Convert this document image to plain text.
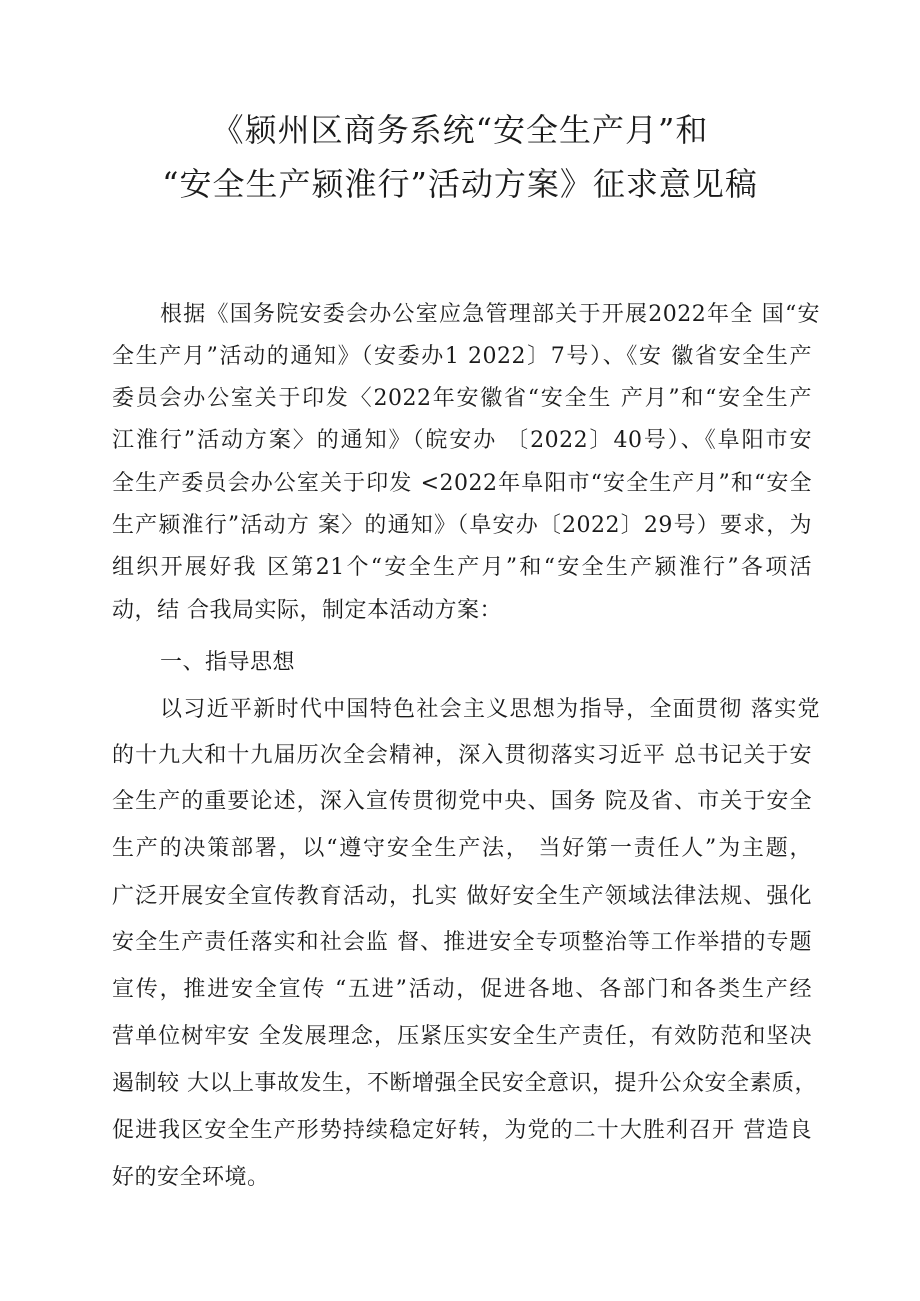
《颍州区商务系统“安全生产月”和
“安全生产颍淮行”活动方案》征求意见稿
根据《国务院安委会办公室应急管理部关于开展2022年全 国“安
全生产月”活动的通知》（安委办1 2022〕7号）、《安 徽省安全生产
委员会办公室关于印发〈2022年安徽省“安全生 产月”和“安全生产
江淮行”活动方案〉的通知》（皖安办 〔2022〕40号）、《阜阳市安
全生产委员会办公室关于印发 <2022年阜阳市“安全生产月”和“安全
生产颍淮行”活动方 案〉的通知》（阜安办〔2022〕29号）要求，为
组织开展好我 区第21个“安全生产月”和“安全生产颍淮行”各项活
动，结 合我局实际，制定本活动方案：
一、指导思想
以习近平新时代中国特色社会主义思想为指导，全面贯彻 落实党
的十九大和十九届历次全会精神，深入贯彻落实习近平 总书记关于安
全生产的重要论述，深入宣传贯彻党中央、国务 院及省、市关于安全
生产的决策部署，以“遵守安全生产法， 当好第一责任人”为主题，
广泛开展安全宣传教育活动，扎实 做好安全生产领域法律法规、强化
安全生产责任落实和社会监 督、推进安全专项整治等工作举措的专题
宣传，推进安全宣传 “五进”活动，促进各地、各部门和各类生产经
营单位树牢安 全发展理念，压紧压实安全生产责任，有效防范和坚决
遏制较 大以上事故发生，不断增强全民安全意识，提升公众安全素质，
促进我区安全生产形势持续稳定好转，为党的二十大胜利召开 营造良
好的安全环境。
